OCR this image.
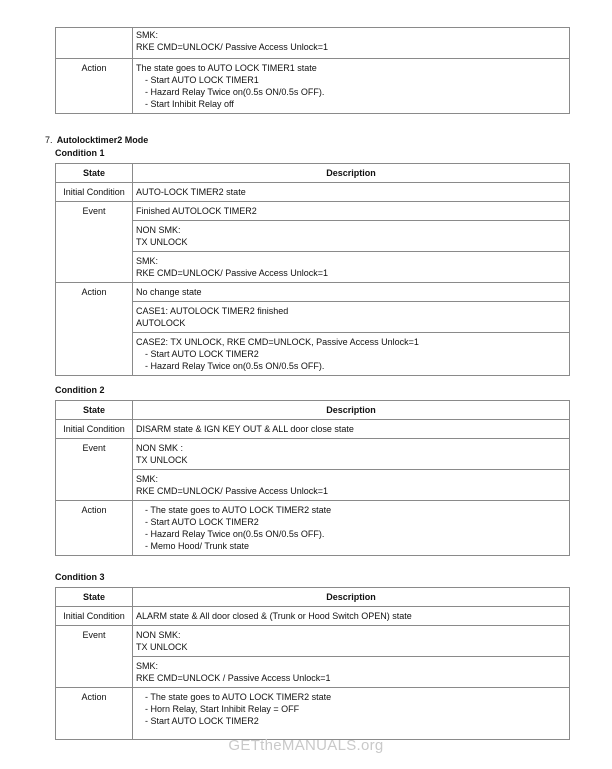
	SMK:
RKE CMD=UNLOCK/ Passive Access Unlock=1

Action	The state goes to AUTO LOCK TIMER1 state
- Start AUTO LOCK TIMER1
- Hazard Relay Twice on(0.5s ON/0.5s OFF).
- Start Inhibit Relay off
7. Autolocktimer2 Mode
Condition 1
State	Description
Initial Condition	AUTO-LOCK TIMER2 state
Event	Finished AUTOLOCK TIMER2

	NON SMK:
TX UNLOCK

	SMK:
RKE CMD=UNLOCK/ Passive Access Unlock=1

Action	No change state

	CASE1: AUTOLOCK TIMER2 finished
AUTOLOCK

	CASE2: TX UNLOCK, RKE CMD=UNLOCK, Passive Access Unlock=1
- Start AUTO LOCK TIMER2
- Hazard Relay Twice on(0.5s ON/0.5s OFF).
Condition 2
State	Description
Initial Condition	DISARM state & IGN KEY OUT & ALL door close state
Event	NON SMK :
TX UNLOCK

	SMK:
RKE CMD=UNLOCK/ Passive Access Unlock=1

Action	- The state goes to AUTO LOCK TIMER2 state
- Start AUTO LOCK TIMER2
- Hazard Relay Twice on(0.5s ON/0.5s OFF).
- Memo Hood/ Trunk state
Condition 3
State	Description
Initial Condition	ALARM state & All door closed & (Trunk or Hood Switch OPEN) state
Event	NON SMK:
TX UNLOCK

	SMK:
RKE CMD=UNLOCK / Passive Access Unlock=1

Action	- The state goes to AUTO LOCK TIMER2 state
- Horn Relay, Start Inhibit Relay = OFF
- Start AUTO LOCK TIMER2
GETtheMANUALS.org
